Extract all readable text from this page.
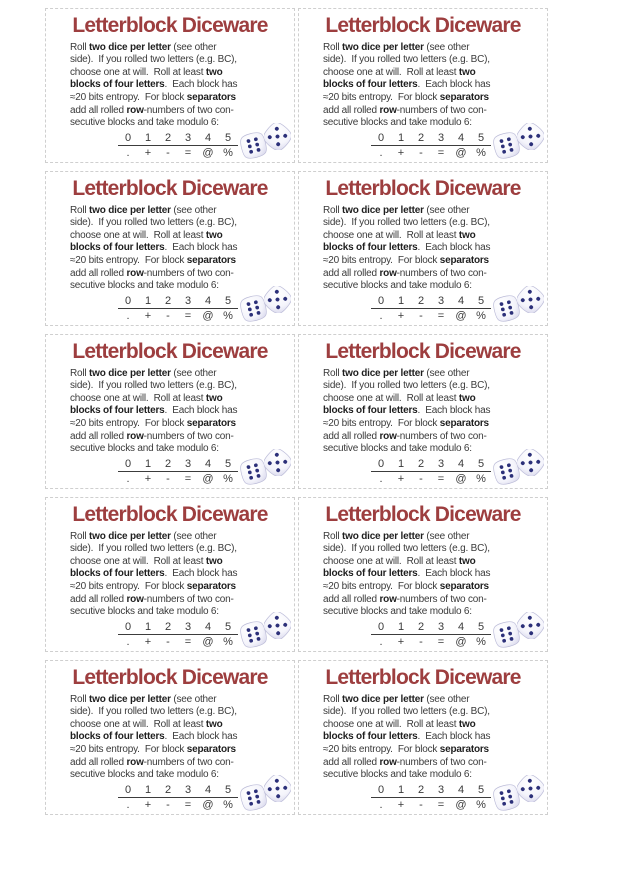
Letterblock Diceware
Roll two dice per letter (see other
side).  If you rolled two letters (e.g. BC),
choose one at will.  Roll at least two
blocks of four letters.  Each block has
≈20 bits entropy.  For block separators
add all rolled row-numbers of two con-
secutive blocks and take modulo 6:
0	1	2	3	4	5
.	+	-	=	@	%
Letterblock Diceware
Roll two dice per letter (see other
side).  If you rolled two letters (e.g. BC),
choose one at will.  Roll at least two
blocks of four letters.  Each block has
≈20 bits entropy.  For block separators
add all rolled row-numbers of two con-
secutive blocks and take modulo 6:
0	1	2	3	4	5
.	+	-	=	@	%
Letterblock Diceware
Roll two dice per letter (see other
side).  If you rolled two letters (e.g. BC),
choose one at will.  Roll at least two
blocks of four letters.  Each block has
≈20 bits entropy.  For block separators
add all rolled row-numbers of two con-
secutive blocks and take modulo 6:
0	1	2	3	4	5
.	+	-	=	@	%
Letterblock Diceware
Roll two dice per letter (see other
side).  If you rolled two letters (e.g. BC),
choose one at will.  Roll at least two
blocks of four letters.  Each block has
≈20 bits entropy.  For block separators
add all rolled row-numbers of two con-
secutive blocks and take modulo 6:
0	1	2	3	4	5
.	+	-	=	@	%
Letterblock Diceware
Roll two dice per letter (see other
side).  If you rolled two letters (e.g. BC),
choose one at will.  Roll at least two
blocks of four letters.  Each block has
≈20 bits entropy.  For block separators
add all rolled row-numbers of two con-
secutive blocks and take modulo 6:
0	1	2	3	4	5
.	+	-	=	@	%
Letterblock Diceware
Roll two dice per letter (see other
side).  If you rolled two letters (e.g. BC),
choose one at will.  Roll at least two
blocks of four letters.  Each block has
≈20 bits entropy.  For block separators
add all rolled row-numbers of two con-
secutive blocks and take modulo 6:
0	1	2	3	4	5
.	+	-	=	@	%
Letterblock Diceware
Roll two dice per letter (see other
side).  If you rolled two letters (e.g. BC),
choose one at will.  Roll at least two
blocks of four letters.  Each block has
≈20 bits entropy.  For block separators
add all rolled row-numbers of two con-
secutive blocks and take modulo 6:
0	1	2	3	4	5
.	+	-	=	@	%
Letterblock Diceware
Roll two dice per letter (see other
side).  If you rolled two letters (e.g. BC),
choose one at will.  Roll at least two
blocks of four letters.  Each block has
≈20 bits entropy.  For block separators
add all rolled row-numbers of two con-
secutive blocks and take modulo 6:
0	1	2	3	4	5
.	+	-	=	@	%
Letterblock Diceware
Roll two dice per letter (see other
side).  If you rolled two letters (e.g. BC),
choose one at will.  Roll at least two
blocks of four letters.  Each block has
≈20 bits entropy.  For block separators
add all rolled row-numbers of two con-
secutive blocks and take modulo 6:
0	1	2	3	4	5
.	+	-	=	@	%
Letterblock Diceware
Roll two dice per letter (see other
side).  If you rolled two letters (e.g. BC),
choose one at will.  Roll at least two
blocks of four letters.  Each block has
≈20 bits entropy.  For block separators
add all rolled row-numbers of two con-
secutive blocks and take modulo 6:
0	1	2	3	4	5
.	+	-	=	@	%
